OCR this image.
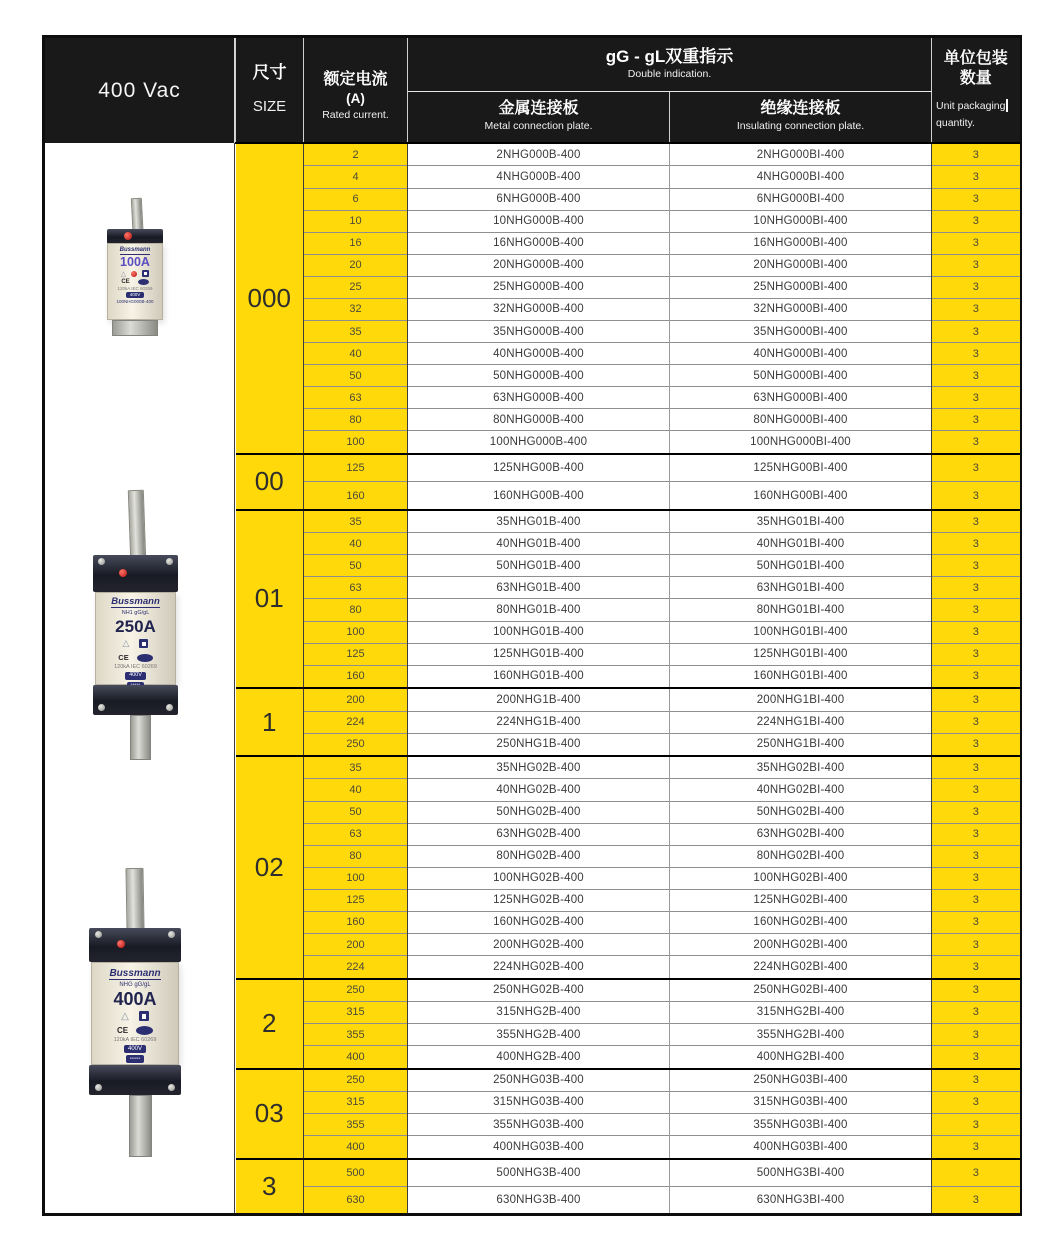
400 Vac
Bussmann
100A
△
CE
120kA IEC 60269
400V
100NHG000B-400
Bussmann
NH1 gG/gL
250A
△
CE
120kA IEC 60269
400V
Bussmann
NHG gG/gL
400A
△
CE
120kA IEC 60269
400V
▪▪▪▪▪
尺寸
SIZE

额定电流
(A)
Rated current.

gG - gL双重指示
Double indication.

单位包装
数量
Unit packaging
quantity.

金属连接板
Metal connection plate.

绝缘连接板
Insulating connection plate.

000	2	2NHG000B-400	2NHG000BI-400	3
	4	4NHG000B-400	4NHG000BI-400	3
	6	6NHG000B-400	6NHG000BI-400	3
	10	10NHG000B-400	10NHG000BI-400	3
	16	16NHG000B-400	16NHG000BI-400	3
	20	20NHG000B-400	20NHG000BI-400	3
	25	25NHG000B-400	25NHG000BI-400	3
	32	32NHG000B-400	32NHG000BI-400	3
	35	35NHG000B-400	35NHG000BI-400	3
	40	40NHG000B-400	40NHG000BI-400	3
	50	50NHG000B-400	50NHG000BI-400	3
	63	63NHG000B-400	63NHG000BI-400	3
	80	80NHG000B-400	80NHG000BI-400	3
	100	100NHG000B-400	100NHG000BI-400	3
00	125	125NHG00B-400	125NHG00BI-400	3
	160	160NHG00B-400	160NHG00BI-400	3
01	35	35NHG01B-400	35NHG01BI-400	3
	40	40NHG01B-400	40NHG01BI-400	3
	50	50NHG01B-400	50NHG01BI-400	3
	63	63NHG01B-400	63NHG01BI-400	3
	80	80NHG01B-400	80NHG01BI-400	3
	100	100NHG01B-400	100NHG01BI-400	3
	125	125NHG01B-400	125NHG01BI-400	3
	160	160NHG01B-400	160NHG01BI-400	3
1	200	200NHG1B-400	200NHG1BI-400	3
	224	224NHG1B-400	224NHG1BI-400	3
	250	250NHG1B-400	250NHG1BI-400	3
02	35	35NHG02B-400	35NHG02BI-400	3
	40	40NHG02B-400	40NHG02BI-400	3
	50	50NHG02B-400	50NHG02BI-400	3
	63	63NHG02B-400	63NHG02BI-400	3
	80	80NHG02B-400	80NHG02BI-400	3
	100	100NHG02B-400	100NHG02BI-400	3
	125	125NHG02B-400	125NHG02BI-400	3
	160	160NHG02B-400	160NHG02BI-400	3
	200	200NHG02B-400	200NHG02BI-400	3
	224	224NHG02B-400	224NHG02BI-400	3
2	250	250NHG02B-400	250NHG02BI-400	3
	315	315NHG2B-400	315NHG2BI-400	3
	355	355NHG2B-400	355NHG2BI-400	3
	400	400NHG2B-400	400NHG2BI-400	3
03	250	250NHG03B-400	250NHG03BI-400	3
	315	315NHG03B-400	315NHG03BI-400	3
	355	355NHG03B-400	355NHG03BI-400	3
	400	400NHG03B-400	400NHG03BI-400	3
3	500	500NHG3B-400	500NHG3BI-400	3
	630	630NHG3B-400	630NHG3BI-400	3
